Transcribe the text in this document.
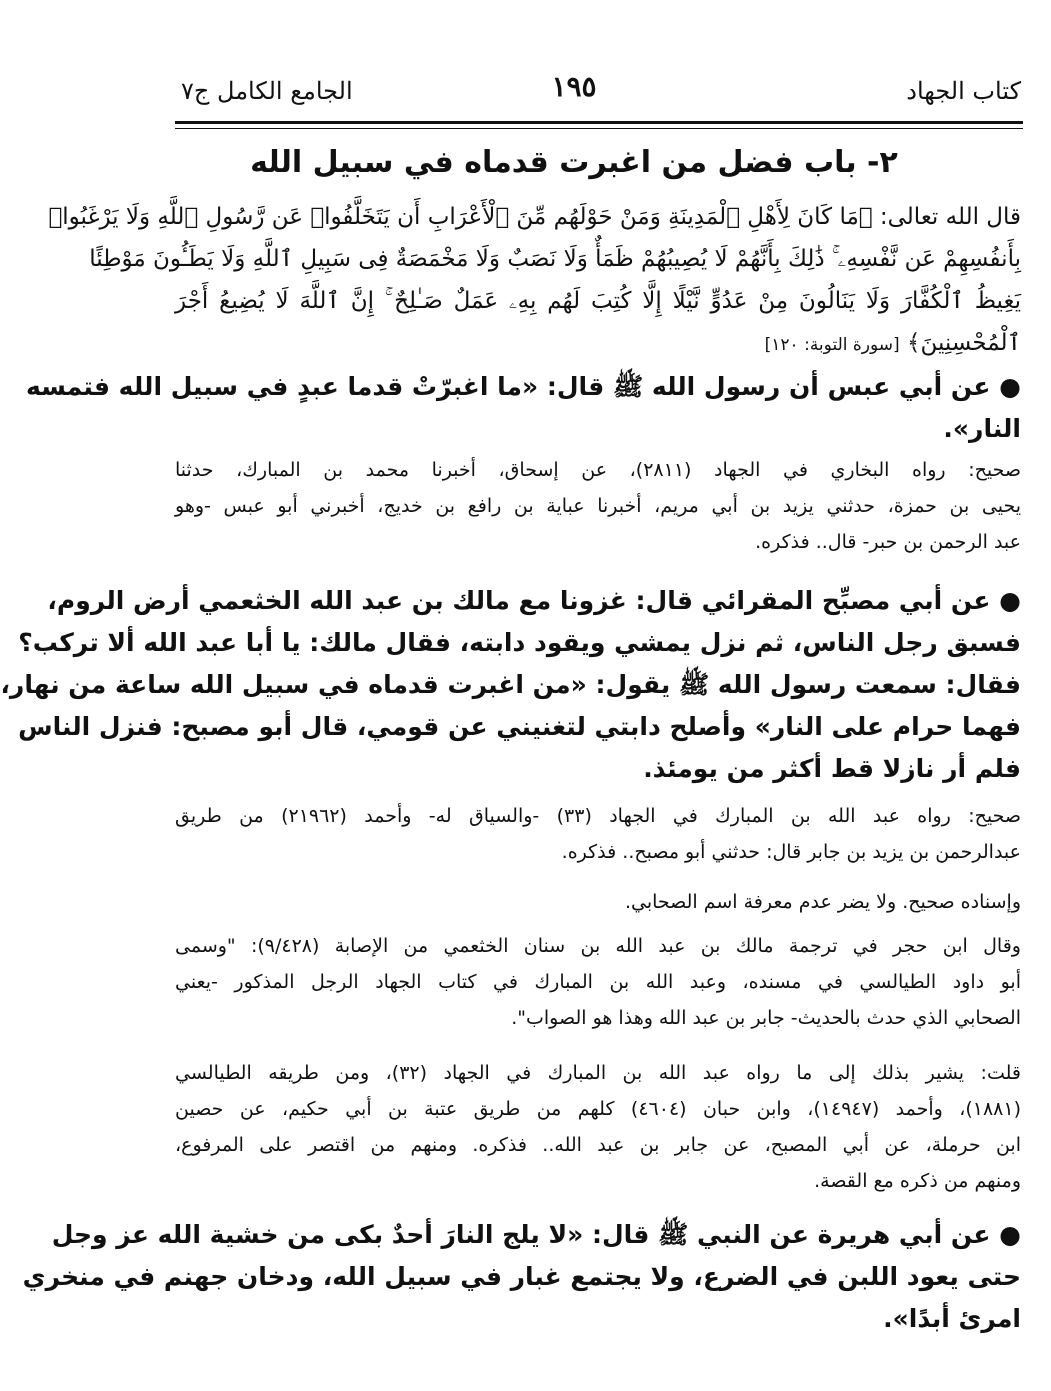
كتاب الجهاد
١٩٥
الجامع الكامل ج٧
٢- باب فضل من اغبرت قدماه في سبيل الله
قال الله تعالى: ﴿مَا كَانَ لِأَهْلِ ٱلْمَدِينَةِ وَمَنْ حَوْلَهُم مِّنَ ٱلْأَعْرَابِ أَن يَتَخَلَّفُوا۟ عَن رَّسُولِ ٱللَّهِ وَلَا يَرْغَبُوا۟
بِأَنفُسِهِمْ عَن نَّفْسِهِۦ ۚ ذَٰلِكَ بِأَنَّهُمْ لَا يُصِيبُهُمْ ظَمَأٌ وَلَا نَصَبٌ وَلَا مَخْمَصَةٌ فِى سَبِيلِ ٱللَّهِ وَلَا يَطَـُٔونَ مَوْطِئًا
يَغِيظُ ٱلْكُفَّارَ وَلَا يَنَالُونَ مِنْ عَدُوٍّ نَّيْلًا إِلَّا كُتِبَ لَهُم بِهِۦ عَمَلٌ صَـٰلِحٌ ۚ إِنَّ ٱللَّهَ لَا يُضِيعُ أَجْرَ
ٱلْمُحْسِنِينَ﴾ [سورة التوبة: ١٢٠]
● عن أبي عبس أن رسول الله ﷺ قال: «ما اغبرّتْ قدما عبدٍ في سبيل الله فتمسه
النار».
صحيح: رواه البخاري في الجهاد (٢٨١١)، عن إسحاق، أخبرنا محمد بن المبارك، حدثنا
يحيى بن حمزة، حدثني يزيد بن أبي مريم، أخبرنا عباية بن رافع بن خديج، أخبرني أبو عبس -وهو
عبد الرحمن بن حبر- قال.. فذكره.
● عن أبي مصبِّح المقرائي قال: غزونا مع مالك بن عبد الله الخثعمي أرض الروم،
فسبق رجل الناس، ثم نزل يمشي ويقود دابته، فقال مالك: يا أبا عبد الله ألا تركب؟
فقال: سمعت رسول الله ﷺ يقول: «من اغبرت قدماه في سبيل الله ساعة من نهار،
فهما حرام على النار» وأصلح دابتي لتغنيني عن قومي، قال أبو مصبح: فنزل الناس
فلم أر نازلا قط أكثر من يومئذ.
صحيح: رواه عبد الله بن المبارك في الجهاد (٣٣) -والسياق له- وأحمد (٢١٩٦٢) من طريق
عبدالرحمن بن يزيد بن جابر قال: حدثني أبو مصبح.. فذكره.
وإسناده صحيح. ولا يضر عدم معرفة اسم الصحابي.
وقال ابن حجر في ترجمة مالك بن عبد الله بن سنان الخثعمي من الإصابة (٩/٤٢٨): "وسمى
أبو داود الطيالسي في مسنده، وعبد الله بن المبارك في كتاب الجهاد الرجل المذكور -يعني
الصحابي الذي حدث بالحديث- جابر بن عبد الله وهذا هو الصواب".
قلت: يشير بذلك إلى ما رواه عبد الله بن المبارك في الجهاد (٣٢)، ومن طريقه الطيالسي
(١٨٨١)، وأحمد (١٤٩٤٧)، وابن حبان (٤٦٠٤) كلهم من طريق عتبة بن أبي حكيم، عن حصين
ابن حرملة، عن أبي المصبح، عن جابر بن عبد الله.. فذكره. ومنهم من اقتصر على المرفوع،
ومنهم من ذكره مع القصة.
● عن أبي هريرة عن النبي ﷺ قال: «لا يلج النارَ أحدٌ بكى من خشية الله عز وجل
حتى يعود اللبن في الضرع، ولا يجتمع غبار في سبيل الله، ودخان جهنم في منخري
امرئ أبدًا».
